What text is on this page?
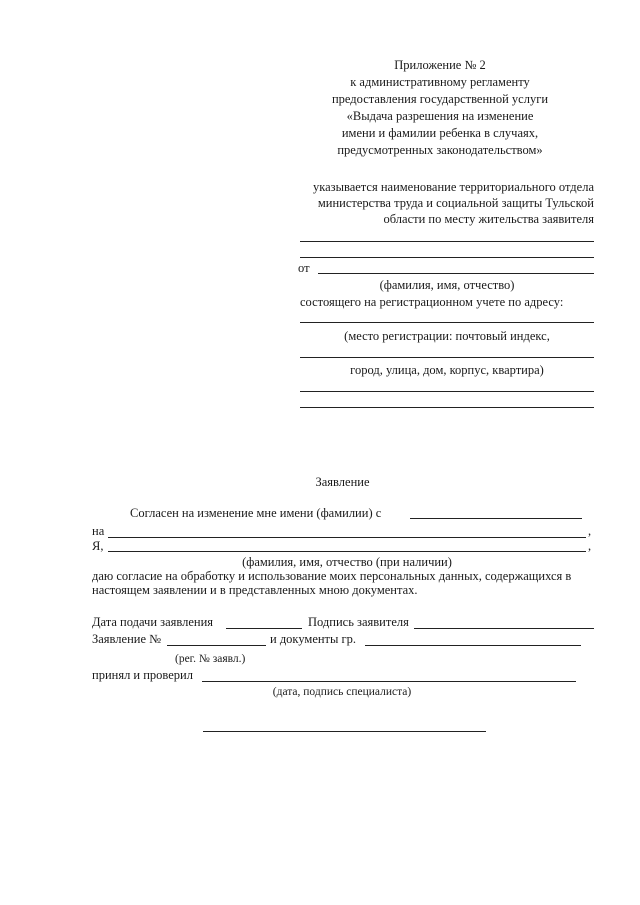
Приложение № 2
к административному регламенту
предоставления государственной услуги
«Выдача разрешения на изменение
имени и фамилии ребенка в случаях,
предусмотренных законодательством»
указывается наименование территориального отдела
министерства труда и социальной защиты Тульской
области по месту жительства заявителя
от
(фамилия, имя, отчество)
состоящего на регистрационном учете по адресу:
(место регистрации: почтовый индекс,
город, улица, дом, корпус, квартира)
Заявление
Согласен на изменение мне имени (фамилии) с
на	,
Я,	,
(фамилия, имя, отчество (при наличии)
даю согласие на обработку и использование моих персональных данных, содержащихся в
настоящем заявлении и в представленных мною документах.
Дата подачи заявления	Подпись заявителя
Заявление №	и документы гр.
(рег. № заявл.)
принял и проверил
(дата, подпись специалиста)
